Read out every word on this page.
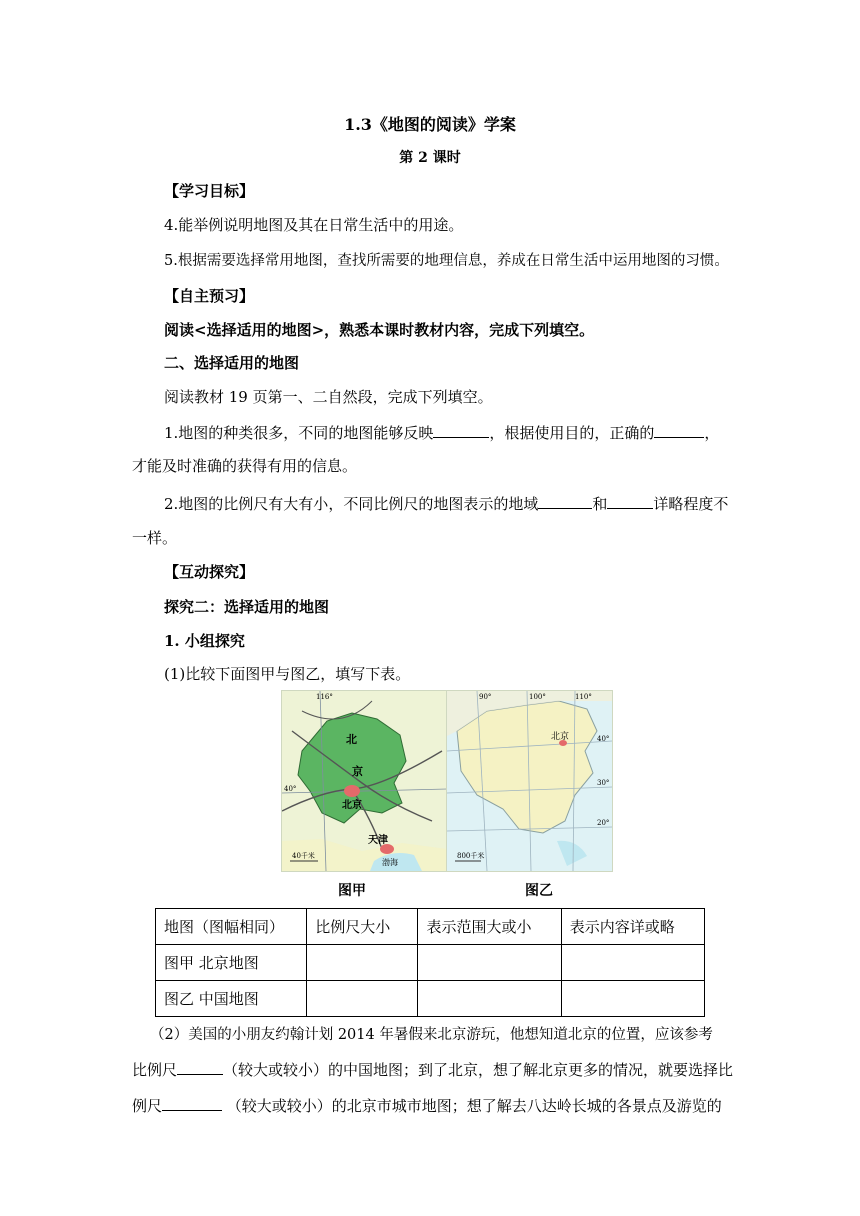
1.3《地图的阅读》学案
第 2 课时
【学习目标】
4.能举例说明地图及其在日常生活中的用途。
5.根据需要选择常用地图，查找所需要的地理信息，养成在日常生活中运用地图的习惯。
【自主预习】
阅读<选择适用的地图>，熟悉本课时教材内容，完成下列填空。
二、选择适用的地图
阅读教材 19 页第一、二自然段，完成下列填空。
1.地图的种类很多，不同的地图能够反映	，根据使用目的，正确的	，
才能及时准确的获得有用的信息。
2.地图的比例尺有大有小，不同比例尺的地图表示的地域	和	详略程度不
一样。
【互动探究】
探究二：选择适用的地图
1. 小组探究
(1)比较下面图甲与图乙，填写下表。
北
京
北京
天津
渤海
116°
40°
40千米
北京
90°	100°	110°
40°
30°
20°
800千米
图甲	图乙
地图（图幅相同）	比例尺大小	表示范围大或小	表示内容详或略
图甲 北京地图			
图乙 中国地图			
（2）美国的小朋友约翰计划 2014 年暑假来北京游玩，他想知道北京的位置，应该参考
比例尺	（较大或较小）的中国地图；到了北京，想了解北京更多的情况，就要选择比
例尺	（较大或较小）的北京市城市地图；想了解去八达岭长城的各景点及游览的
